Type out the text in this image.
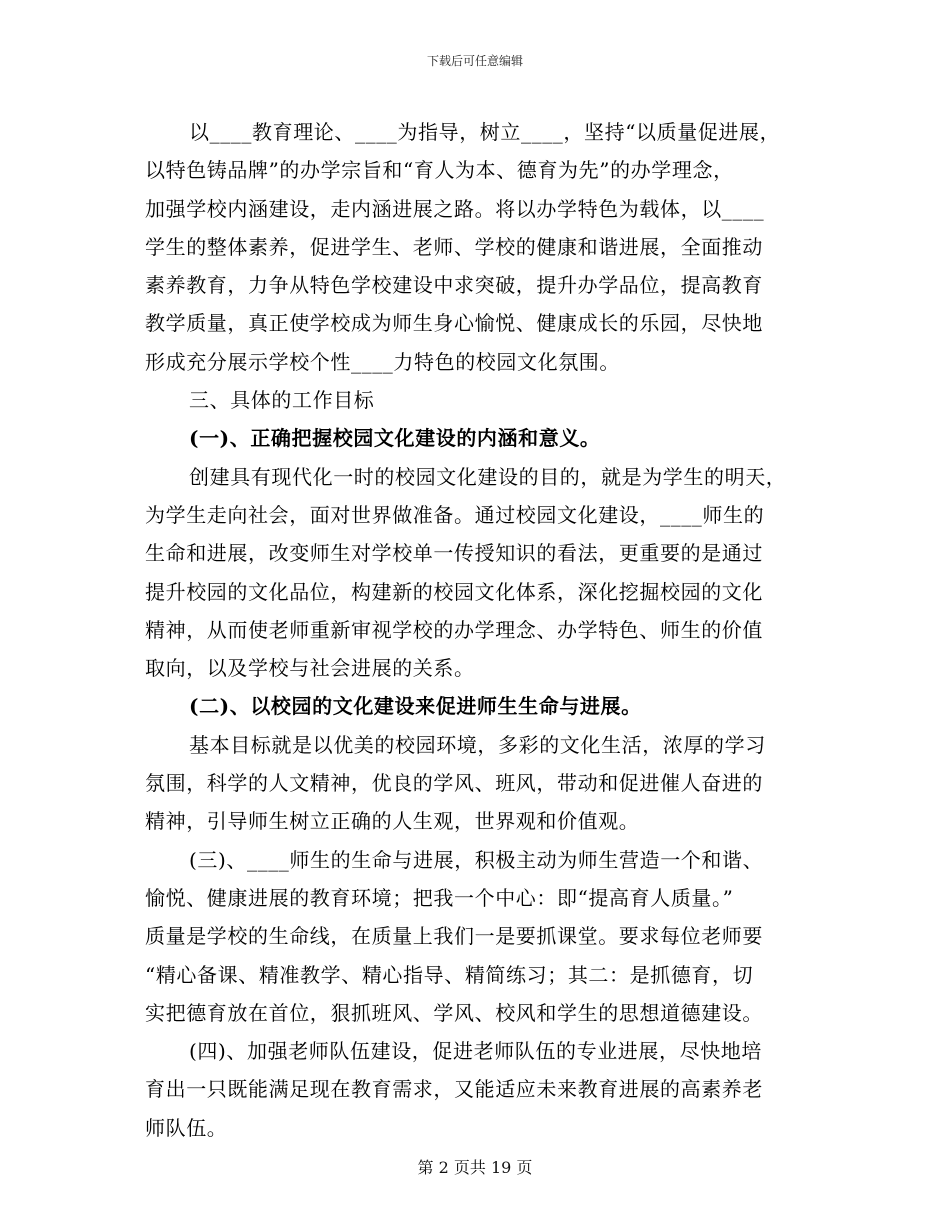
下载后可任意编辑
以____教育理论、____为指导，树立____，坚持“以质量促进展，
以特色铸品牌”的办学宗旨和“育人为本、德育为先”的办学理念，
加强学校内涵建设，走内涵进展之路。将以办学特色为载体，以____
学生的整体素养，促进学生、老师、学校的健康和谐进展，全面推动
素养教育，力争从特色学校建设中求突破，提升办学品位，提高教育
教学质量，真正使学校成为师生身心愉悦、健康成长的乐园，尽快地
形成充分展示学校个性____力特色的校园文化氛围。
三、具体的工作目标
(一)、正确把握校园文化建设的内涵和意义。
创建具有现代化一时的校园文化建设的目的，就是为学生的明天，
为学生走向社会，面对世界做准备。通过校园文化建设，____师生的
生命和进展，改变师生对学校单一传授知识的看法，更重要的是通过
提升校园的文化品位，构建新的校园文化体系，深化挖掘校园的文化
精神，从而使老师重新审视学校的办学理念、办学特色、师生的价值
取向，以及学校与社会进展的关系。
(二)、以校园的文化建设来促进师生生命与进展。
基本目标就是以优美的校园环境，多彩的文化生活，浓厚的学习
氛围，科学的人文精神，优良的学风、班风，带动和促进催人奋进的
精神，引导师生树立正确的人生观，世界观和价值观。
(三)、____师生的生命与进展，积极主动为师生营造一个和谐、
愉悦、健康进展的教育环境；把我一个中心：即“提高育人质量。”
质量是学校的生命线，在质量上我们一是要抓课堂。要求每位老师要
“精心备课、精准教学、精心指导、精简练习；其二：是抓德育，切
实把德育放在首位，狠抓班风、学风、校风和学生的思想道德建设。
(四)、加强老师队伍建设，促进老师队伍的专业进展，尽快地培
育出一只既能满足现在教育需求，又能适应未来教育进展的高素养老
师队伍。
第 2 页共 19 页
